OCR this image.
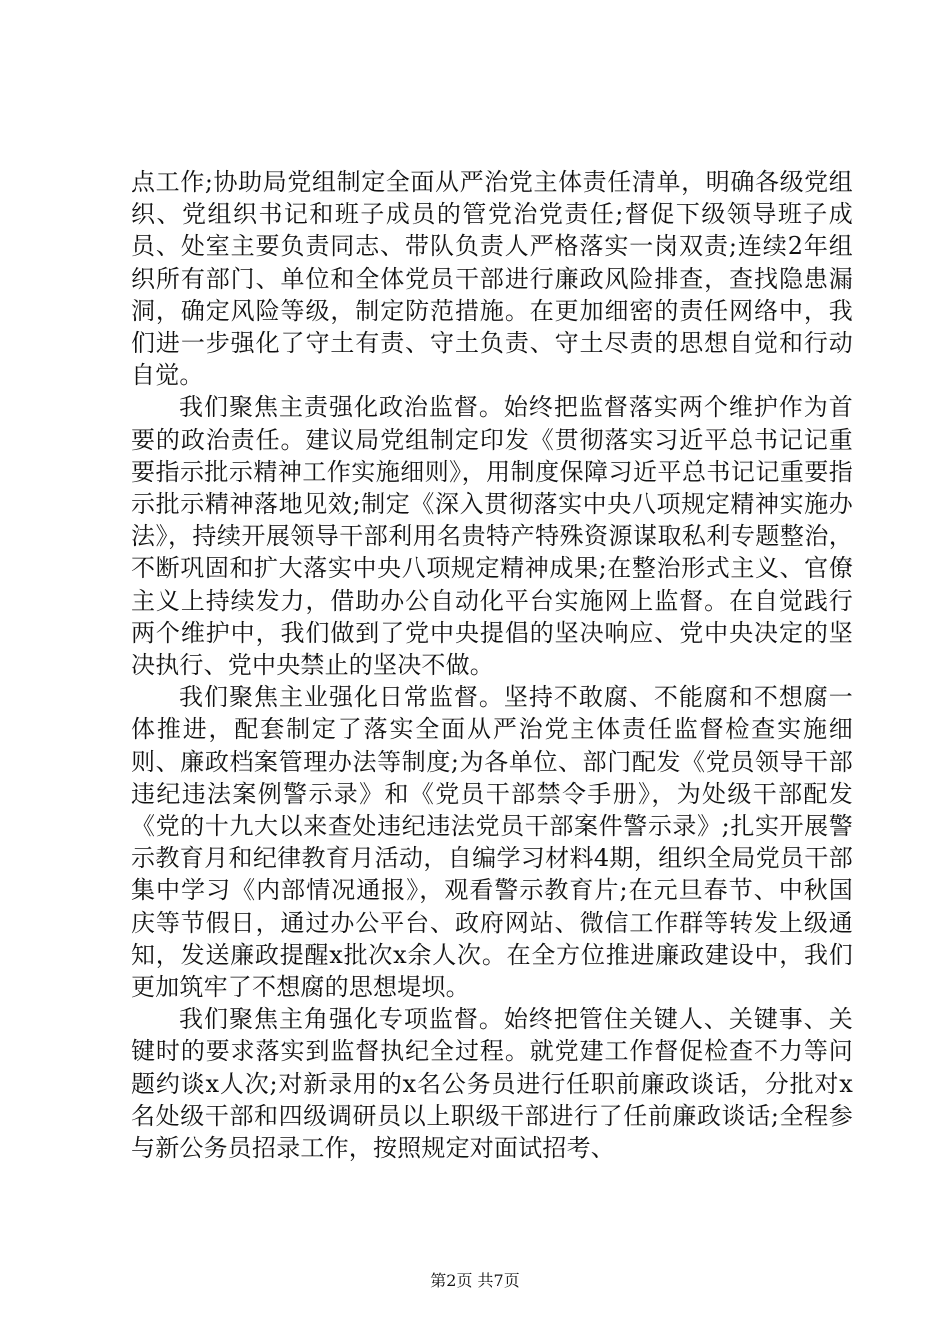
点工作;协助局党组制定全面从严治党主体责任清单，明确各级党组织、党组织书记和班子成员的管党治党责任;督促下级领导班子成员、处室主要负责同志、带队负责人严格落实一岗双责;连续2年组织所有部门、单位和全体党员干部进行廉政风险排查，查找隐患漏洞，确定风险等级，制定防范措施。在更加细密的责任网络中，我们进一步强化了守土有责、守土负责、守土尽责的思想自觉和行动自觉。

我们聚焦主责强化政治监督。始终把监督落实两个维护作为首要的政治责任。建议局党组制定印发《贯彻落实习近平总书记记重要指示批示精神工作实施细则》，用制度保障习近平总书记记重要指示批示精神落地见效;制定《深入贯彻落实中央八项规定精神实施办法》，持续开展领导干部利用名贵特产特殊资源谋取私利专题整治，不断巩固和扩大落实中央八项规定精神成果;在整治形式主义、官僚主义上持续发力，借助办公自动化平台实施网上监督。在自觉践行两个维护中，我们做到了党中央提倡的坚决响应、党中央决定的坚决执行、党中央禁止的坚决不做。

我们聚焦主业强化日常监督。坚持不敢腐、不能腐和不想腐一体推进，配套制定了落实全面从严治党主体责任监督检查实施细则、廉政档案管理办法等制度;为各单位、部门配发《党员领导干部违纪违法案例警示录》和《党员干部禁令手册》，为处级干部配发《党的十九大以来查处违纪违法党员干部案件警示录》;扎实开展警示教育月和纪律教育月活动，自编学习材料4期，组织全局党员干部集中学习《内部情况通报》，观看警示教育片;在元旦春节、中秋国庆等节假日，通过办公平台、政府网站、微信工作群等转发上级通知，发送廉政提醒x批次x余人次。在全方位推进廉政建设中，我们更加筑牢了不想腐的思想堤坝。

我们聚焦主角强化专项监督。始终把管住关键人、关键事、关键时的要求落实到监督执纪全过程。就党建工作督促检查不力等问题约谈x人次;对新录用的x名公务员进行任职前廉政谈话，分批对x名处级干部和四级调研员以上职级干部进行了任前廉政谈话;全程参与新公务员招录工作，按照规定对面试招考、

第2页 共7页
